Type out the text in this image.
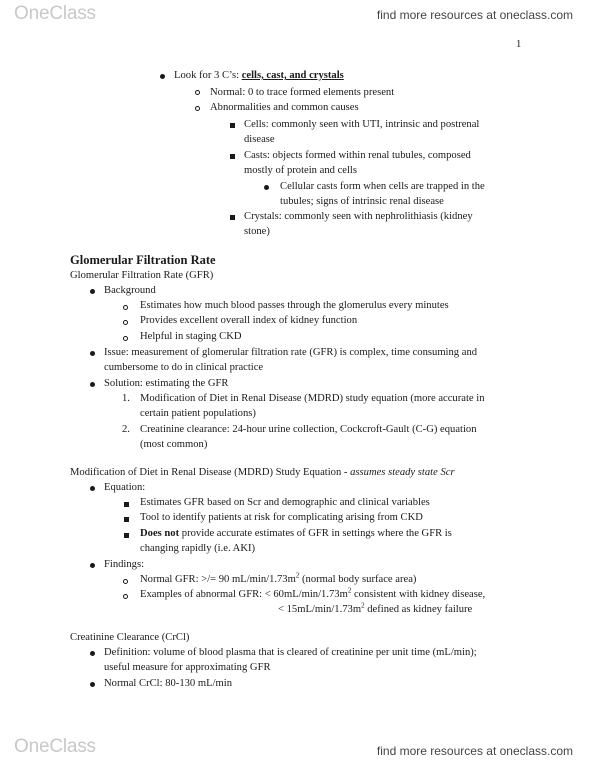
OneClass	find more resources at oneclass.com
1
Look for 3 C’s: cells, cast, and crystals
Normal: 0 to trace formed elements present
Abnormalities and common causes
Cells: commonly seen with UTI, intrinsic and postrenal
disease
Casts: objects formed within renal tubules, composed
mostly of protein and cells
Cellular casts form when cells are trapped in the
tubules; signs of intrinsic renal disease
Crystals: commonly seen with nephrolithiasis (kidney
stone)
Glomerular Filtration Rate
Glomerular Filtration Rate (GFR)
Background
Estimates how much blood passes through the glomerulus every minutes
Provides excellent overall index of kidney function
Helpful in staging CKD
Issue: measurement of glomerular filtration rate (GFR) is complex, time consuming and
cumbersome to do in clinical practice
Solution: estimating the GFR
1. Modification of Diet in Renal Disease (MDRD) study equation (more accurate in
certain patient populations)
2. Creatinine clearance: 24-hour urine collection, Cockcroft-Gault (C-G) equation
(most common)
Modification of Diet in Renal Disease (MDRD) Study Equation - assumes steady state Scr
Equation:
Estimates GFR based on Scr and demographic and clinical variables
Tool to identify patients at risk for complicating arising from CKD
Does not provide accurate estimates of GFR in settings where the GFR is
changing rapidly (i.e. AKI)
Findings:
Normal GFR: >/= 90 $mL/\min/1.73m^2$ (normal body surface area)
Examples of abnormal GFR: < $60mL/\min/1.73m^2$ consistent with kidney disease,
< $15mL/\min/1.73m^2$ defined as kidney failure
Creatinine Clearance (CrCl)
Definition: volume of blood plasma that is cleared of creatinine per unit time (mL/min);
useful measure for approximating GFR
Normal CrCl: 80-130 mL/min
OneClass	find more resources at oneclass.com
